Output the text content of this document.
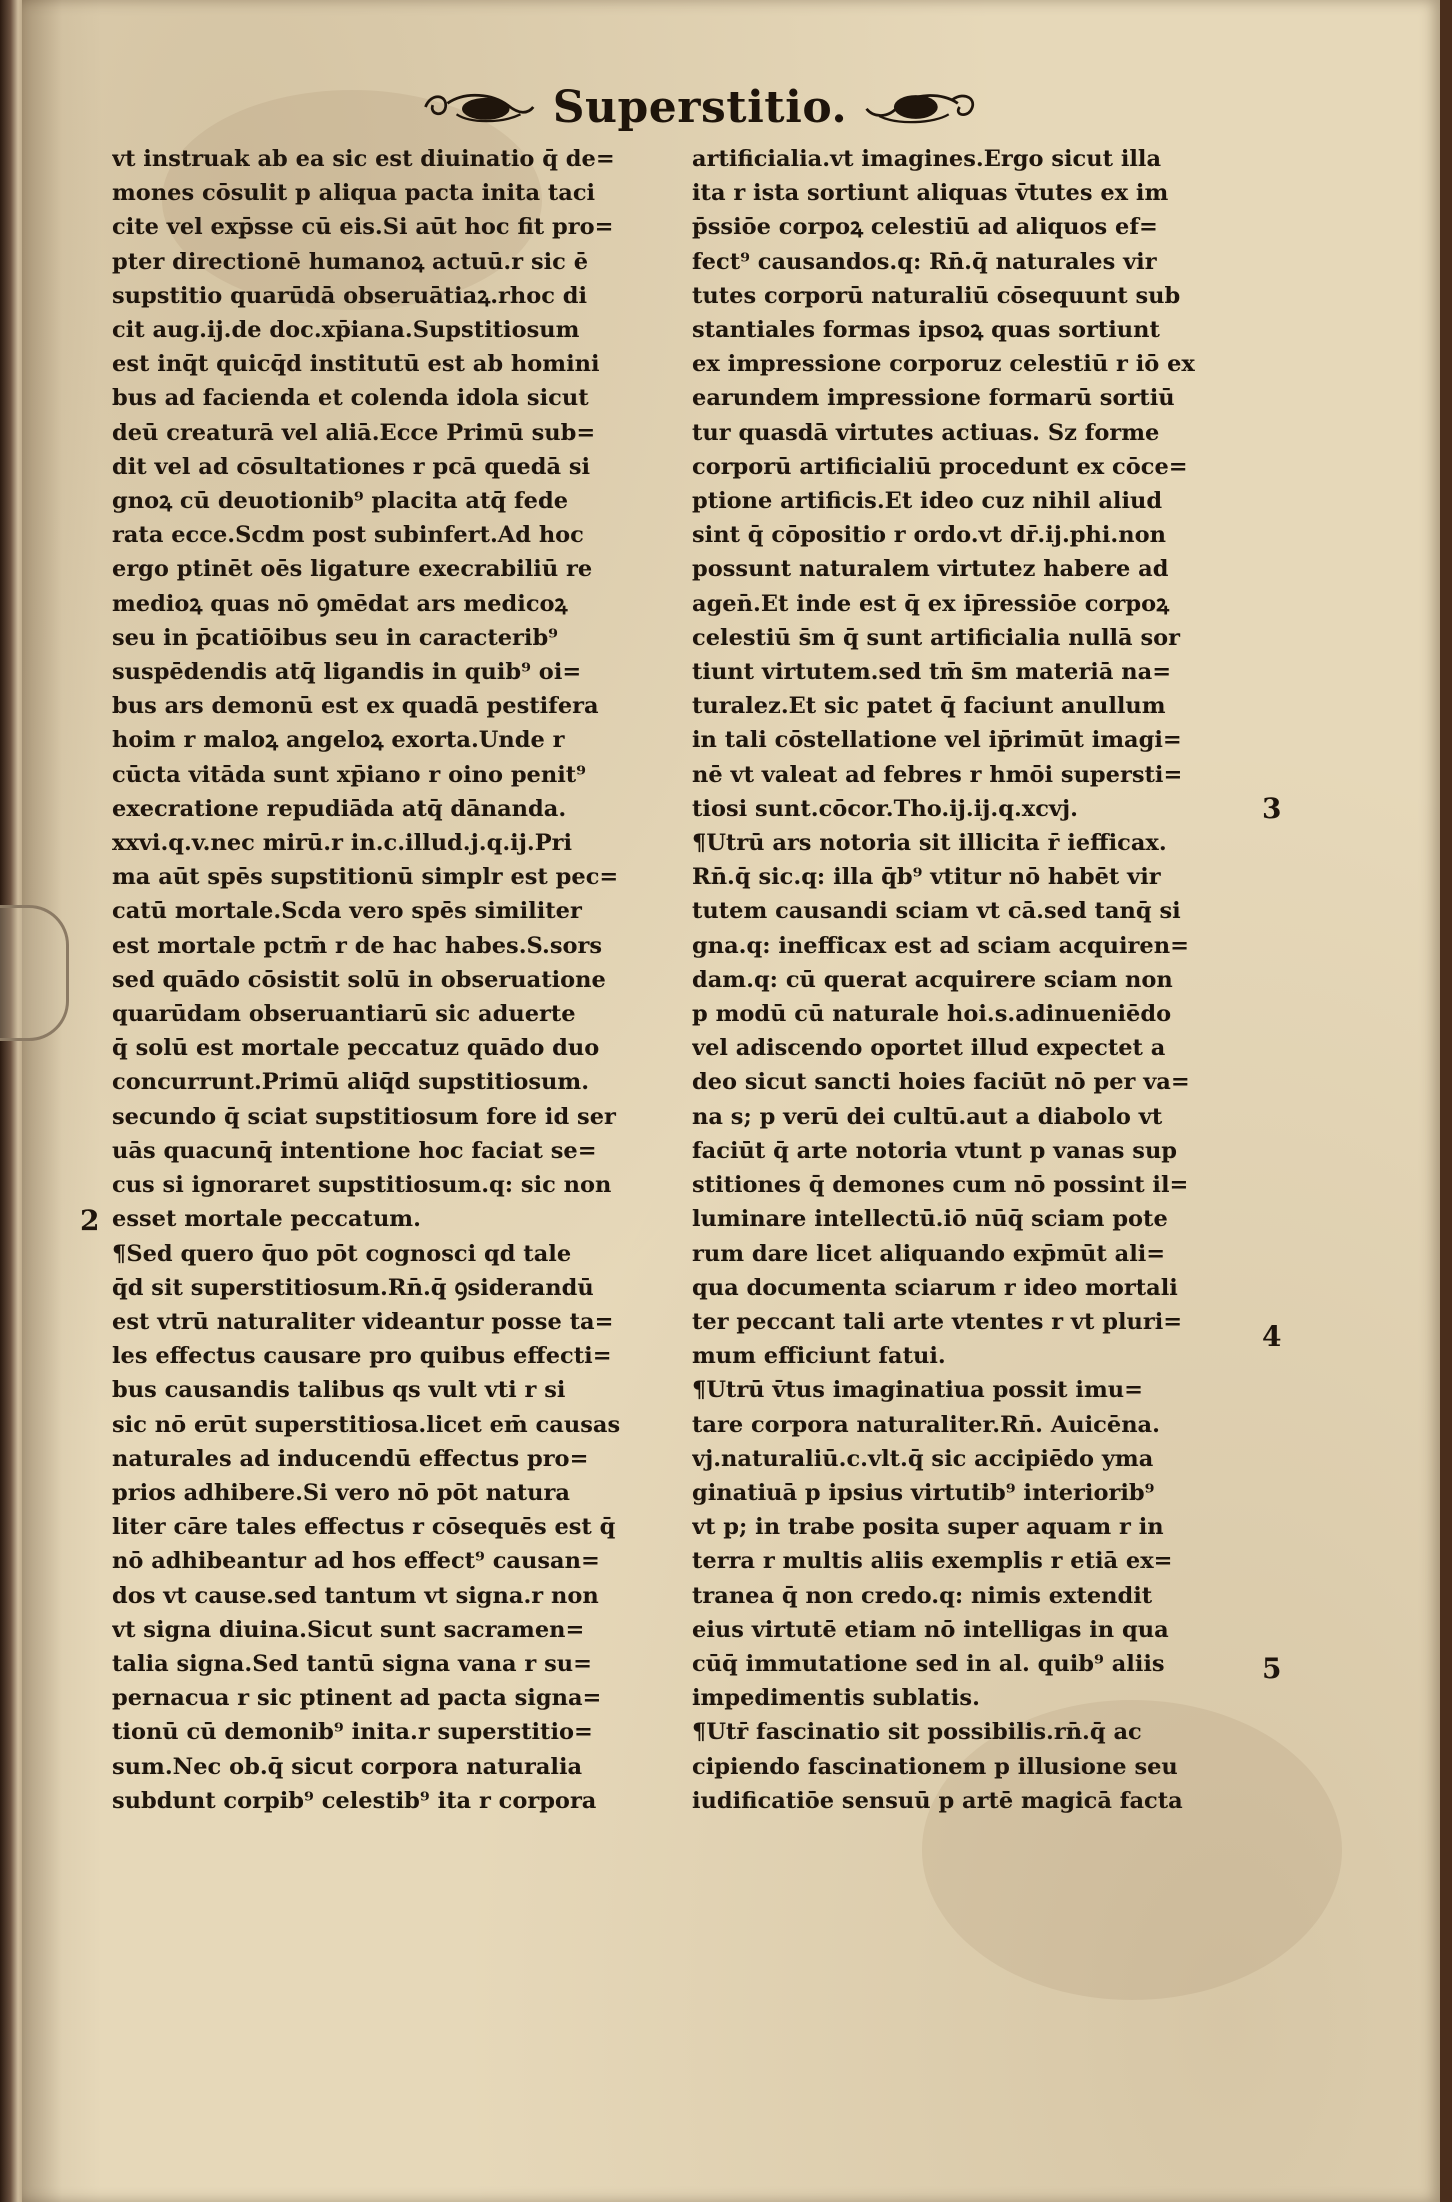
Superstitio.
vt instruak ab ea sic est diuinatio q̄ de=
mones cōsulit p aliqua pacta inita taci
cite vel exp̄sse cū eis.Si aūt hoc fit pro=
pter directionē humanoꝝ actuū.r sic ē
supstitio quarūdā obseruātiaꝝ.rhoc di
cit aug.ij.de doc.xp̄iana.Supstitiosum
est inq̄t quicq̄d institutū est ab homini
bus ad facienda et colenda idola sicut
deū creaturā vel aliā.Ecce Primū sub=
dit vel ad cōsultationes r pcā quedā si
gnoꝝ cū deuotionib⁹ placita atq̄ fede
rata ecce.Scdm post subinfert.Ad hoc
ergo ptinēt oēs ligature execrabiliū re
medioꝝ quas nō ꝯmēdat ars medicoꝝ
seu in p̄catiōibus seu in caracterib⁹
suspēdendis atq̄ ligandis in quib⁹ oi=
bus ars demonū est ex quadā pestifera
hoim r maloꝝ angeloꝝ exorta.Unde r
cūcta vitāda sunt xp̄iano r oino penit⁹
execratione repudiāda atq̄ dānanda.
xxvi.q.v.nec mirū.r in.c.illud.j.q.ij.Pri
ma aūt spēs supstitionū simplr est pec=
catū mortale.Scda vero spēs similiter
est mortale pctm̄ r de hac habes.S.sors
sed quādo cōsistit solū in obseruatione
quarūdam obseruantiarū sic aduerte
q̄ solū est mortale peccatuz quādo duo
concurrunt.Primū aliq̄d supstitiosum.
secundo q̄ sciat supstitiosum fore id ser
uās quacunq̄ intentione hoc faciat se=
cus si ignoraret supstitiosum.q: sic non
esset mortale peccatum.
¶Sed quero q̄uo pōt cognosci qd tale
q̄d sit superstitiosum.Rn̄.q̄ ꝯsiderandū
est vtrū naturaliter videantur posse ta=
les effectus causare pro quibus effecti=
bus causandis talibus qs vult vti r si
sic nō erūt superstitiosa.licet em̄ causas
naturales ad inducendū effectus pro=
prios adhibere.Si vero nō pōt natura
liter cāre tales effectus r cōsequēs est q̄
nō adhibeantur ad hos effect⁹ causan=
dos vt cause.sed tantum vt signa.r non
vt signa diuina.Sicut sunt sacramen=
talia signa.Sed tantū signa vana r su=
pernacua r sic ptinent ad pacta signa=
tionū cū demonib⁹ inita.r superstitio=
sum.Nec ob.q̄ sicut corpora naturalia
subdunt corpib⁹ celestib⁹ ita r corpora
artificialia.vt imagines.Ergo sicut illa
ita r ista sortiunt aliquas v̄tutes ex im
p̄ssiōe corpoꝝ celestiū ad aliquos ef=
fect⁹ causandos.q: Rn̄.q̄ naturales vir
tutes corporū naturaliū cōsequunt sub
stantiales formas ipsoꝝ quas sortiunt
ex impressione corporuz celestiū r iō ex
earundem impressione formarū sortiū
tur quasdā virtutes actiuas. Sz forme
corporū artificialiū procedunt ex cōce=
ptione artificis.Et ideo cuz nihil aliud
sint q̄ cōpositio r ordo.vt dr̄.ij.phi.non
possunt naturalem virtutez habere ad
agen̄.Et inde est q̄ ex ip̄ressiōe corpoꝝ
celestiū s̄m q̄ sunt artificialia nullā sor
tiunt virtutem.sed tm̄ s̄m materiā na=
turalez.Et sic patet q̄ faciunt anullum
in tali cōstellatione vel ip̄rimūt imagi=
nē vt valeat ad febres r hmōi supersti=
tiosi sunt.cōcor.Tho.ij.ij.q.xcvj.
¶Utrū ars notoria sit illicita r̄ iefficax.
Rn̄.q̄ sic.q: illa q̄b⁹ vtitur nō habēt vir
tutem causandi sciam vt cā.sed tanq̄ si
gna.q: inefficax est ad sciam acquiren=
dam.q: cū querat acquirere sciam non
p modū cū naturale hoi.s.adinueniēdo
vel adiscendo oportet illud expectet a
deo sicut sancti hoies faciūt nō per va=
na s; p verū dei cultū.aut a diabolo vt
faciūt q̄ arte notoria vtunt p vanas sup
stitiones q̄ demones cum nō possint il=
luminare intellectū.iō nūq̄ sciam pote
rum dare licet aliquando exp̄mūt ali=
qua documenta sciarum r ideo mortali
ter peccant tali arte vtentes r vt pluri=
mum efficiunt fatui.
¶Utrū v̄tus imaginatiua possit imu=
tare corpora naturaliter.Rn̄. Auicēna.
vj.naturaliū.c.vlt.q̄ sic accipiēdo yma
ginatiuā p ipsius virtutib⁹ interiorib⁹
vt p; in trabe posita super aquam r in
terra r multis aliis exemplis r etiā ex=
tranea q̄ non credo.q: nimis extendit
eius virtutē etiam nō intelligas in qua
cūq̄ immutatione sed in al. quib⁹ aliis
impedimentis sublatis.
¶Utr̄ fascinatio sit possibilis.rn̄.q̄ ac
cipiendo fascinationem p illusione seu
iudificatiōe sensuū p artē magicā facta
2
3
4
5
